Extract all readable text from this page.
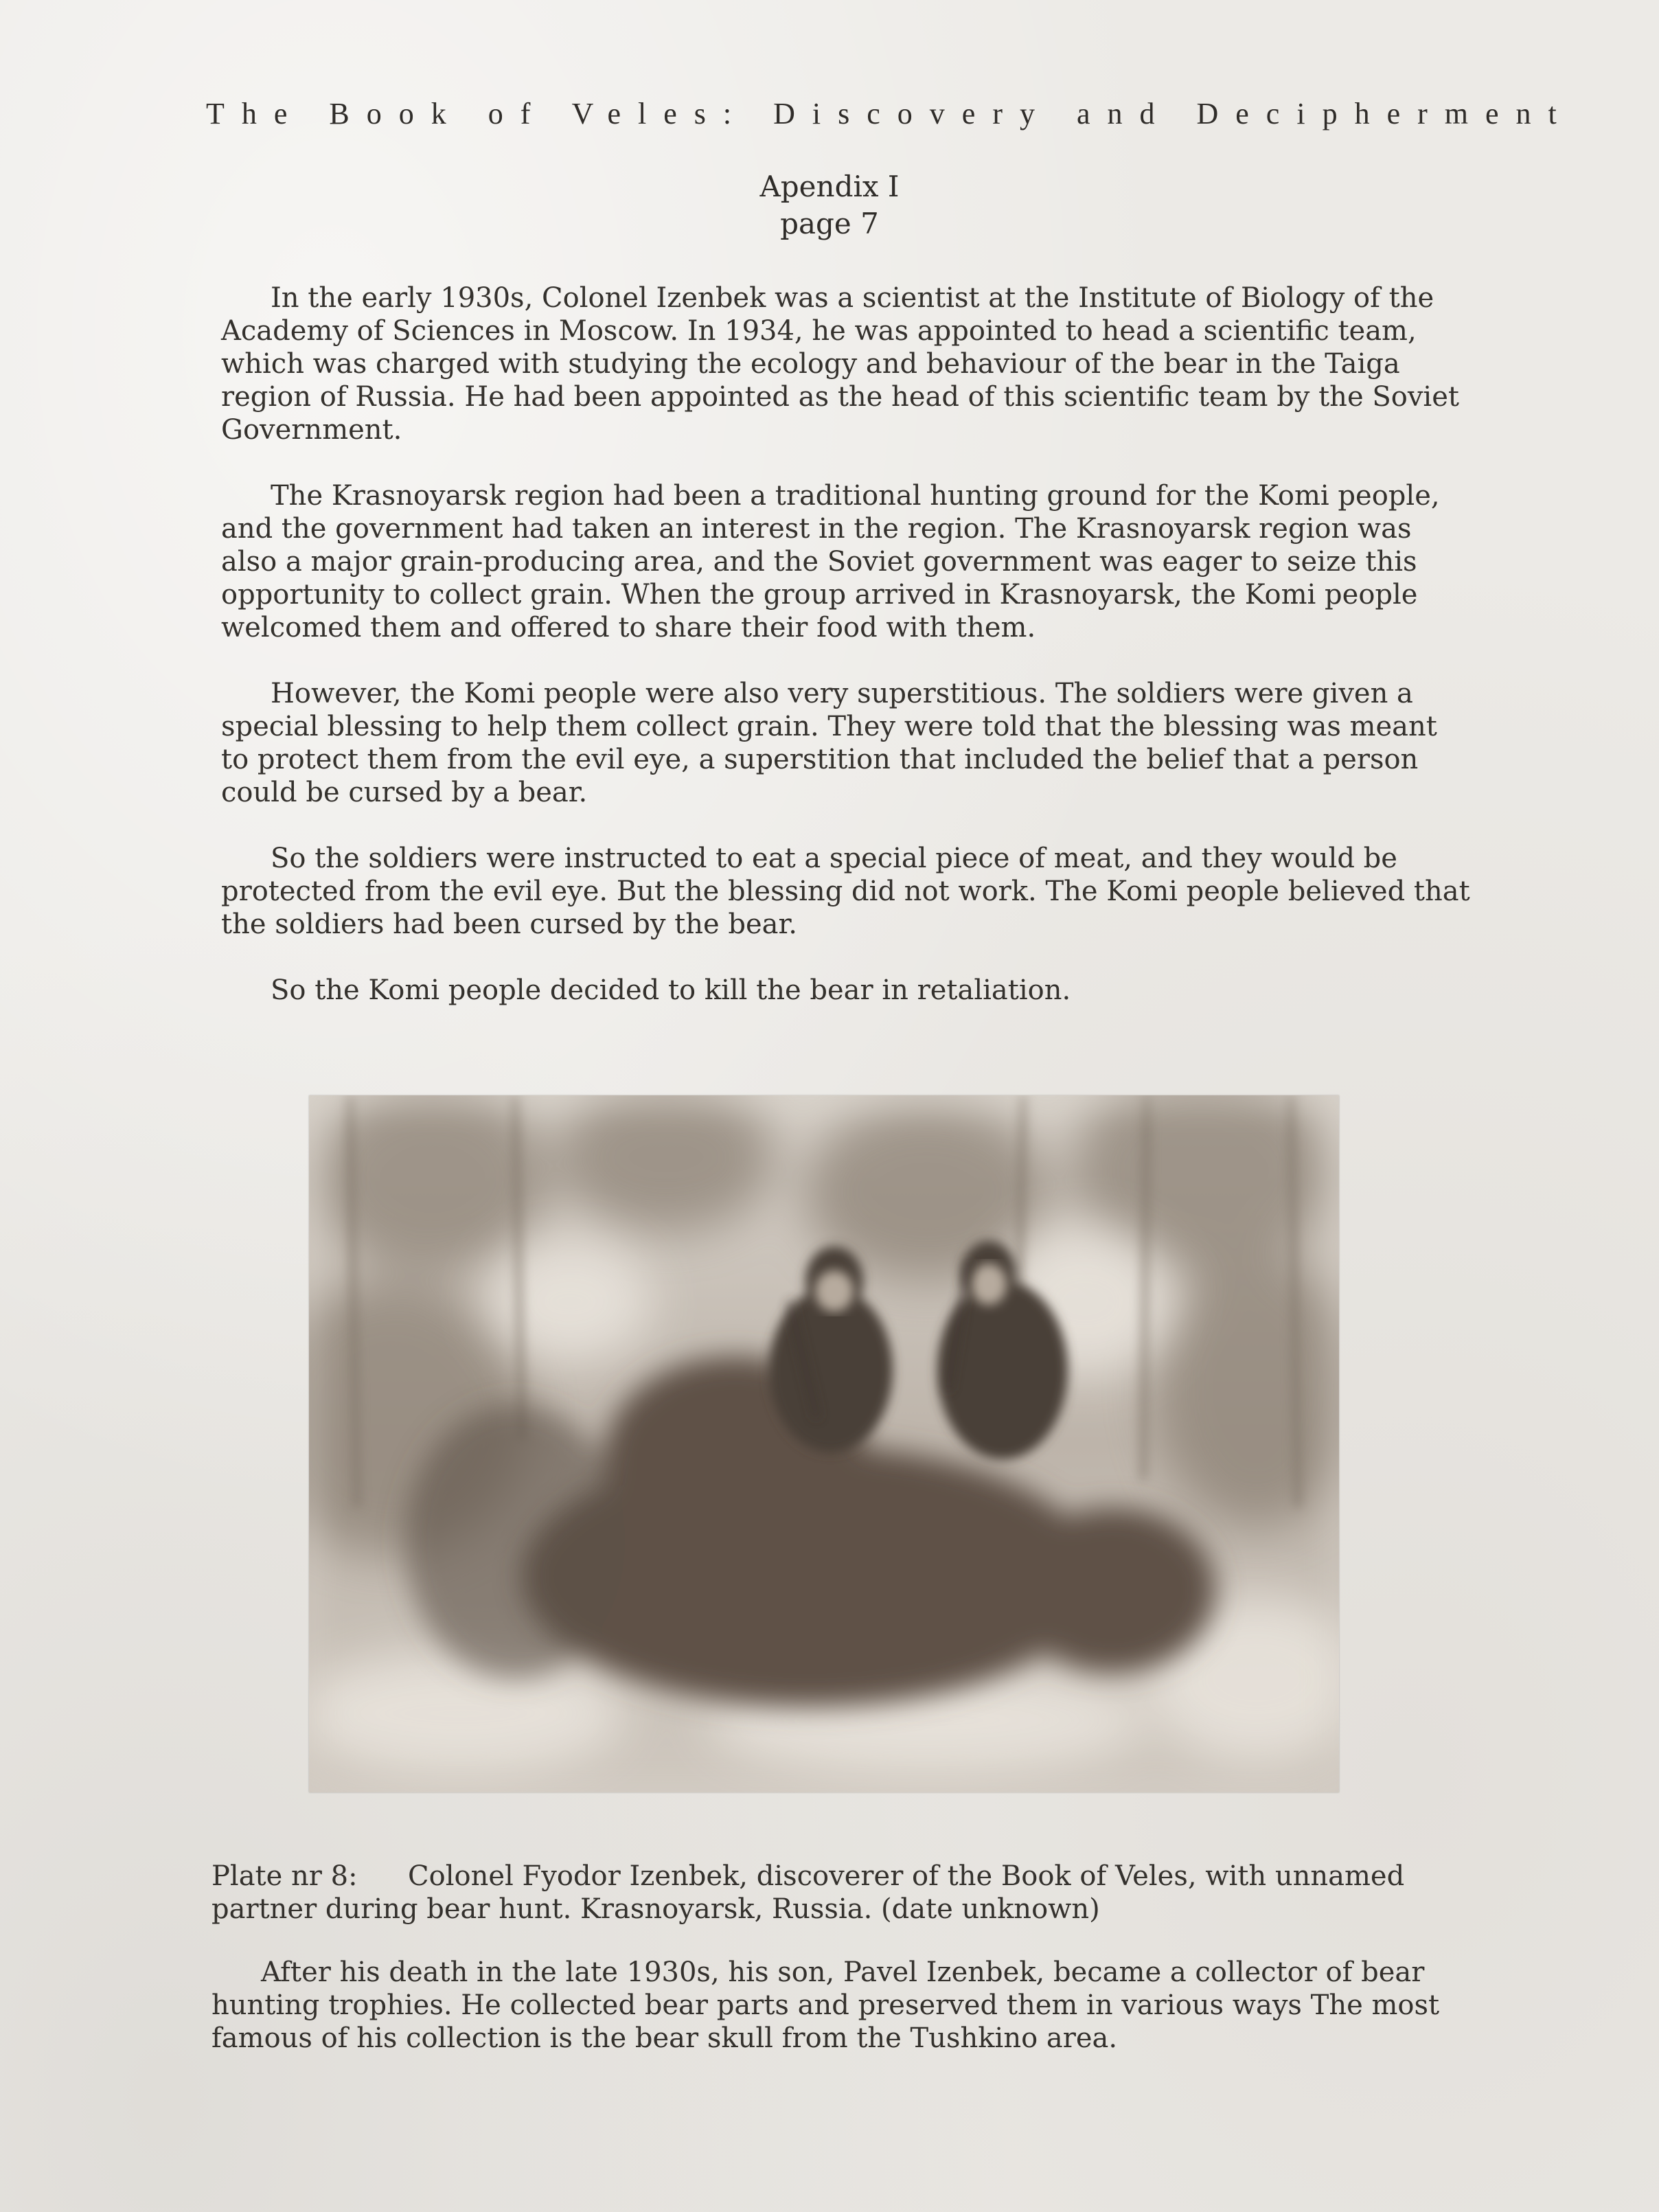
The Book of Veles: Discovery and Decipherment
Apendix I
page 7

In the early 1930s, Colonel Izenbek was a scientist at the Institute of Biology of the Academy of Sciences in Moscow. In 1934, he was appointed to head a scientific team, which was charged with studying the ecology and behaviour of the bear in the Taiga region of Russia. He had been appointed as the head of this scientific team by the Soviet Government.

The Krasnoyarsk region had been a traditional hunting ground for the Komi people, and the government had taken an interest in the region. The Krasnoyarsk region was also a major grain-producing area, and the Soviet government was eager to seize this opportunity to collect grain. When the group arrived in Krasnoyarsk, the Komi people welcomed them and offered to share their food with them.

However, the Komi people were also very superstitious. The soldiers were given a special blessing to help them collect grain. They were told that the blessing was meant to protect them from the evil eye, a superstition that included the belief that a person could be cursed by a bear.

So the soldiers were instructed to eat a special piece of meat, and they would be protected from the evil eye. But the blessing did not work. The Komi people believed that the soldiers had been cursed by the bear.

So the Komi people decided to kill the bear in retaliation.

Plate nr 8: Colonel Fyodor Izenbek, discoverer of the Book of Veles, with unnamed partner during bear hunt. Krasnoyarsk, Russia. (date unknown)

After his death in the late 1930s, his son, Pavel Izenbek, became a collector of bear hunting trophies. He collected bear parts and preserved them in various ways The most famous of his collection is the bear skull from the Tushkino area.
